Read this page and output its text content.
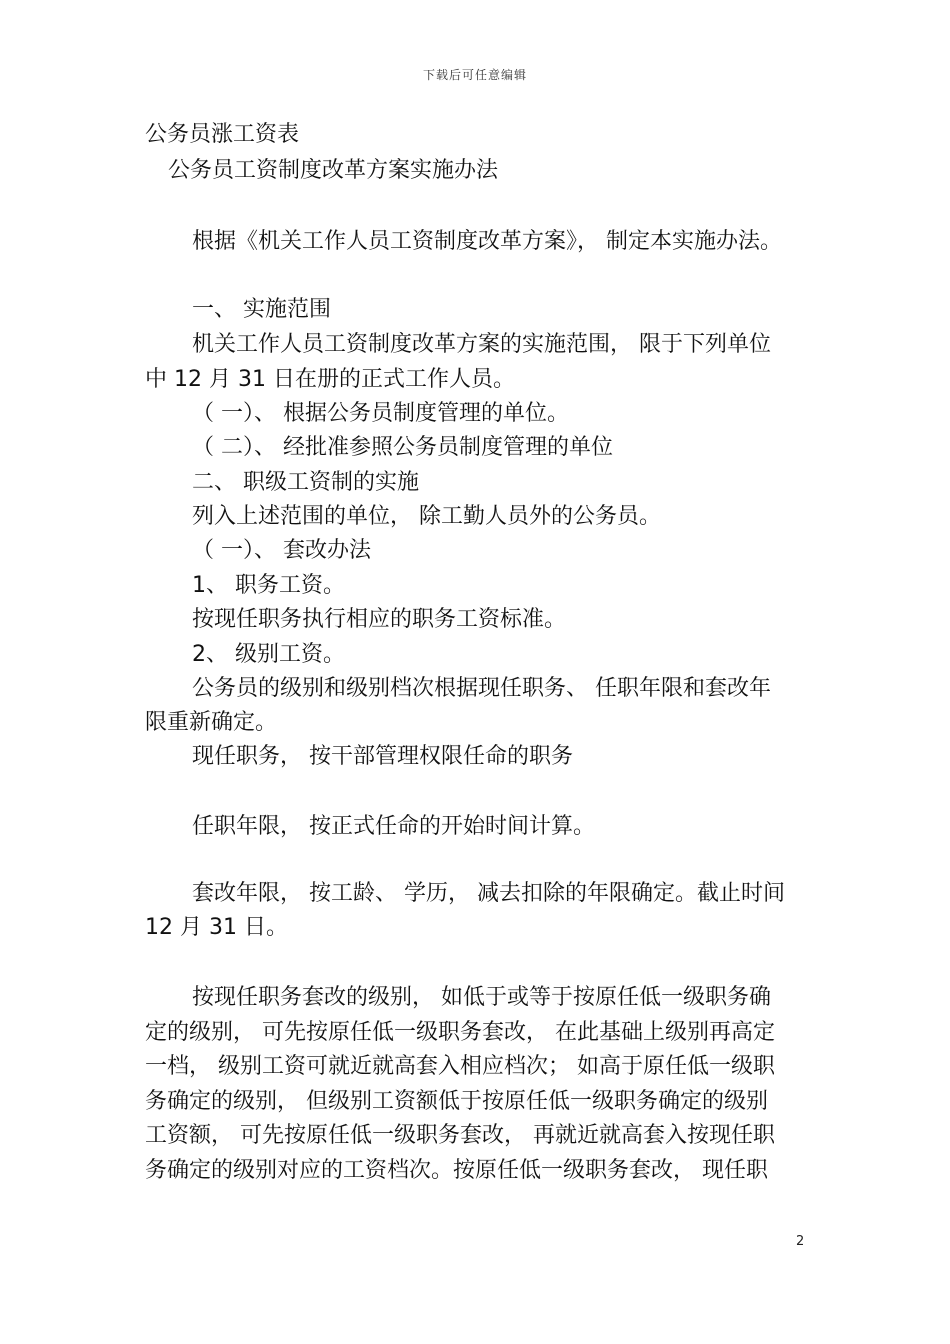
下载后可任意编辑
公务员涨工资表
公务员工资制度改革方案实施办法
根据《机关工作人员工资制度改革方案》， 制定本实施办法。
一、 实施范围
机关工作人员工资制度改革方案的实施范围， 限于下列单位
中 12 月 31 日在册的正式工作人员。
（ 一）、 根据公务员制度管理的单位。
（ 二）、 经批准参照公务员制度管理的单位
二、 职级工资制的实施
列入上述范围的单位， 除工勤人员外的公务员。
（ 一）、 套改办法
1、 职务工资。
按现任职务执行相应的职务工资标准。
2、 级别工资。
公务员的级别和级别档次根据现任职务、 任职年限和套改年
限重新确定。
现任职务， 按干部管理权限任命的职务
任职年限， 按正式任命的开始时间计算。
套改年限， 按工龄、 学历， 减去扣除的年限确定。截止时间
12 月 31 日。
按现任职务套改的级别， 如低于或等于按原任低一级职务确
定的级别， 可先按原任低一级职务套改， 在此基础上级别再高定
一档， 级别工资可就近就高套入相应档次； 如高于原任低一级职
务确定的级别， 但级别工资额低于按原任低一级职务确定的级别
工资额， 可先按原任低一级职务套改， 再就近就高套入按现任职
务确定的级别对应的工资档次。按原任低一级职务套改， 现任职
2
